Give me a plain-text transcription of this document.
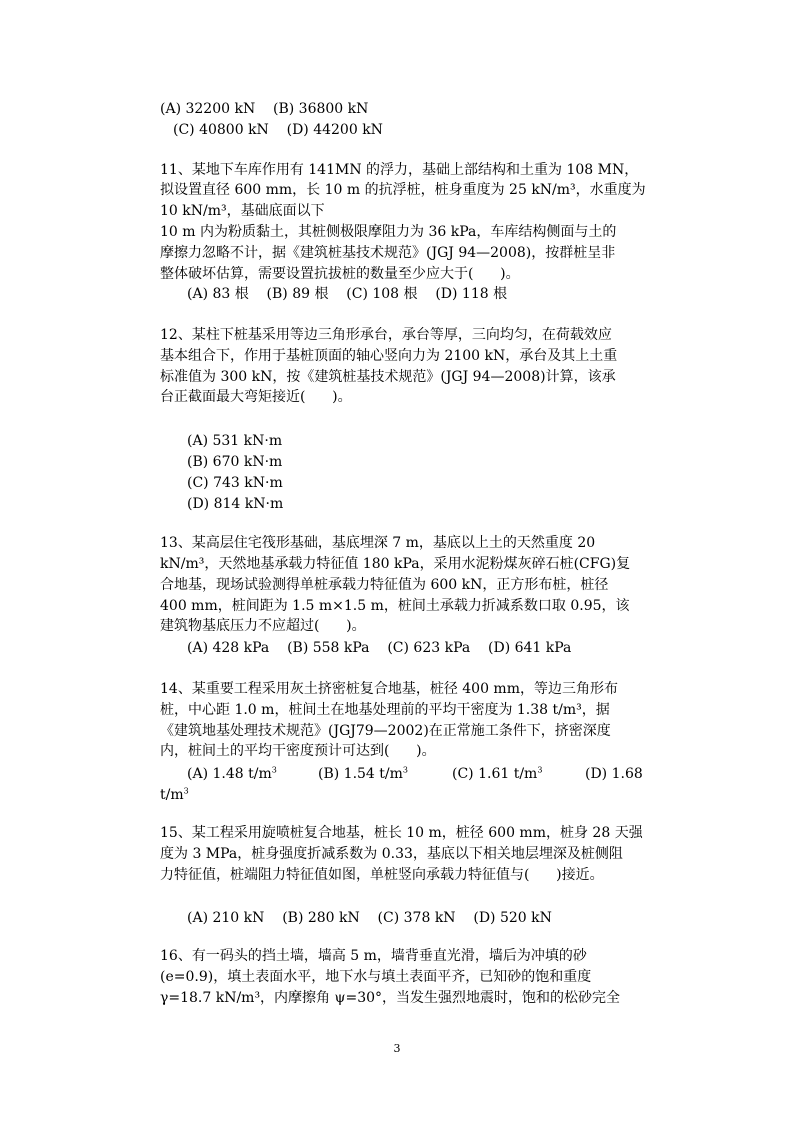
(A) 32200 kN    (B) 36800 kN
(C) 40800 kN    (D) 44200 kN
11、某地下车库作用有 141MN 的浮力，基础上部结构和土重为 108 MN，
拟设置直径 600 mm，长 10 m 的抗浮桩，桩身重度为 25 kN/m³，水重度为
10 kN/m³，基础底面以下
10 m 内为粉质黏土，其桩侧极限摩阻力为 36 kPa，车库结构侧面与土的
摩擦力忽略不计，据《建筑桩基技术规范》(JGJ 94—2008)，按群桩呈非
整体破坏估算，需要设置抗拔桩的数量至少应大于(      )。
(A) 83 根    (B) 89 根    (C) 108 根    (D) 118 根
12、某柱下桩基采用等边三角形承台，承台等厚，三向均匀，在荷载效应
基本组合下，作用于基桩顶面的轴心竖向力为 2100 kN，承台及其上土重
标准值为 300 kN，按《建筑桩基技术规范》(JGJ 94—2008)计算，该承
台正截面最大弯矩接近(      )。
(A) 531 kN·m
(B) 670 kN·m
(C) 743 kN·m
(D) 814 kN·m
13、某高层住宅筏形基础，基底埋深 7 m，基底以上土的天然重度 20
kN/m³，天然地基承载力特征值 180 kPa，采用水泥粉煤灰碎石桩(CFG)复
合地基，现场试验测得单桩承载力特征值为 600 kN，正方形布桩，桩径
400 mm，桩间距为 1.5 m×1.5 m，桩间土承载力折减系数口取 0.95，该
建筑物基底压力不应超过(      )。
(A) 428 kPa    (B) 558 kPa    (C) 623 kPa    (D) 641 kPa
14、某重要工程采用灰土挤密桩复合地基，桩径 400 mm，等边三角形布
桩，中心距 1.0 m，桩间土在地基处理前的平均干密度为 1.38 t/m³，据
《建筑地基处理技术规范》(JGJ79—2002)在正常施工条件下，挤密深度
内，桩间土的平均干密度预计可达到(      )。
(A) 1.48 $t/m^3$	(B) 1.54 $t/m^3$	(C) 1.61 $t/m^3$	(D) 1.68
$t/m^3$
15、某工程采用旋喷桩复合地基，桩长 10 m，桩径 600 mm，桩身 28 天强
度为 3 MPa，桩身强度折减系数为 0.33，基底以下相关地层埋深及桩侧阻
力特征值，桩端阻力特征值如图，单桩竖向承载力特征值与(      )接近。
(A) 210 kN    (B) 280 kN    (C) 378 kN    (D) 520 kN
16、有一码头的挡土墙，墙高 5 m，墙背垂直光滑，墙后为冲填的砂
(e=0.9)，填土表面水平，地下水与填土表面平齐，已知砂的饱和重度
γ=18.7 kN/m³，内摩擦角 ψ=30°，当发生强烈地震时，饱和的松砂完全
3
